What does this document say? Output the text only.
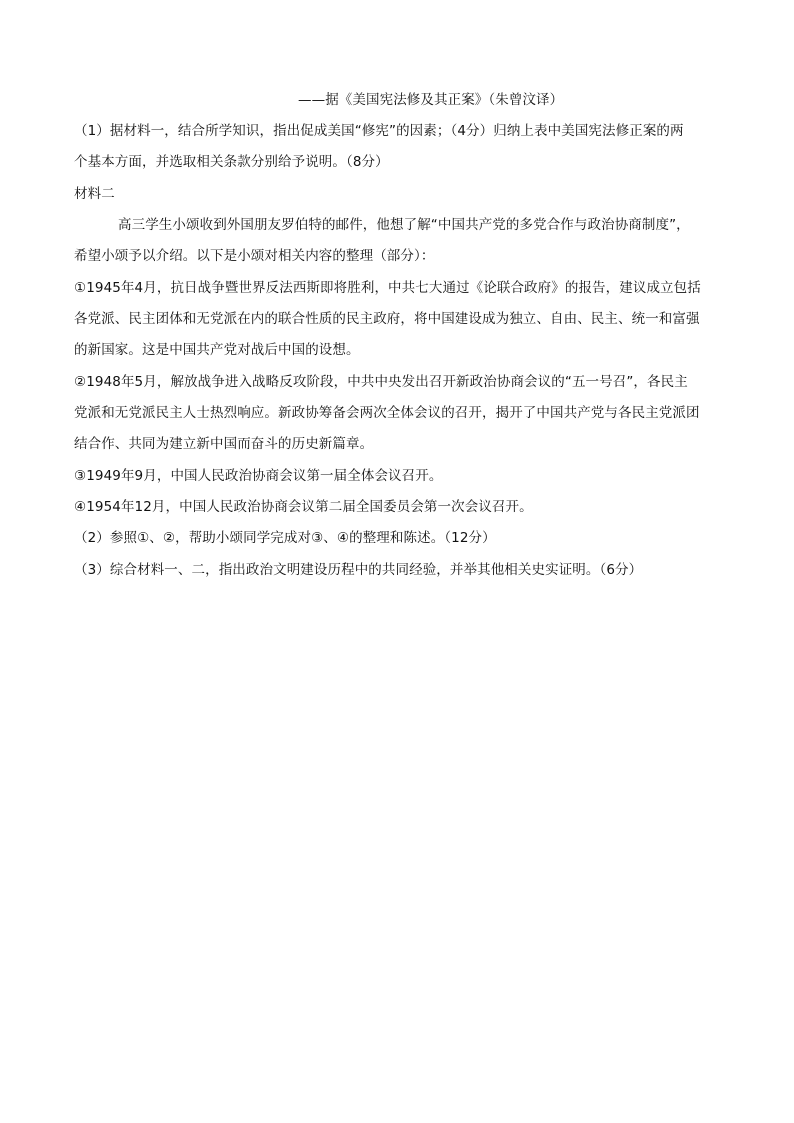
——据《美国宪法修及其正案》（朱曾汶译）
（1）据材料一，结合所学知识，指出促成美国“修宪”的因素；（4分）归纳上表中美国宪法修正案的两
个基本方面，并选取相关条款分别给予说明。（8分）
材料二
高三学生小颂收到外国朋友罗伯特的邮件，他想了解“中国共产党的多党合作与政治协商制度”，
希望小颂予以介绍。以下是小颂对相关内容的整理（部分）：
①1945年4月，抗日战争暨世界反法西斯即将胜利，中共七大通过《论联合政府》的报告，建议成立包括
各党派、民主团体和无党派在内的联合性质的民主政府，将中国建设成为独立、自由、民主、统一和富强
的新国家。这是中国共产党对战后中国的设想。
②1948年5月，解放战争进入战略反攻阶段，中共中央发出召开新政治协商会议的“五一号召”，各民主
党派和无党派民主人士热烈响应。新政协筹备会两次全体会议的召开，揭开了中国共产党与各民主党派团
结合作、共同为建立新中国而奋斗的历史新篇章。
③1949年9月，中国人民政治协商会议第一届全体会议召开。
④1954年12月，中国人民政治协商会议第二届全国委员会第一次会议召开。
（2）参照①、②，帮助小颂同学完成对③、④的整理和陈述。（12分）
（3）综合材料一、二，指出政治文明建设历程中的共同经验，并举其他相关史实证明。（6分）
